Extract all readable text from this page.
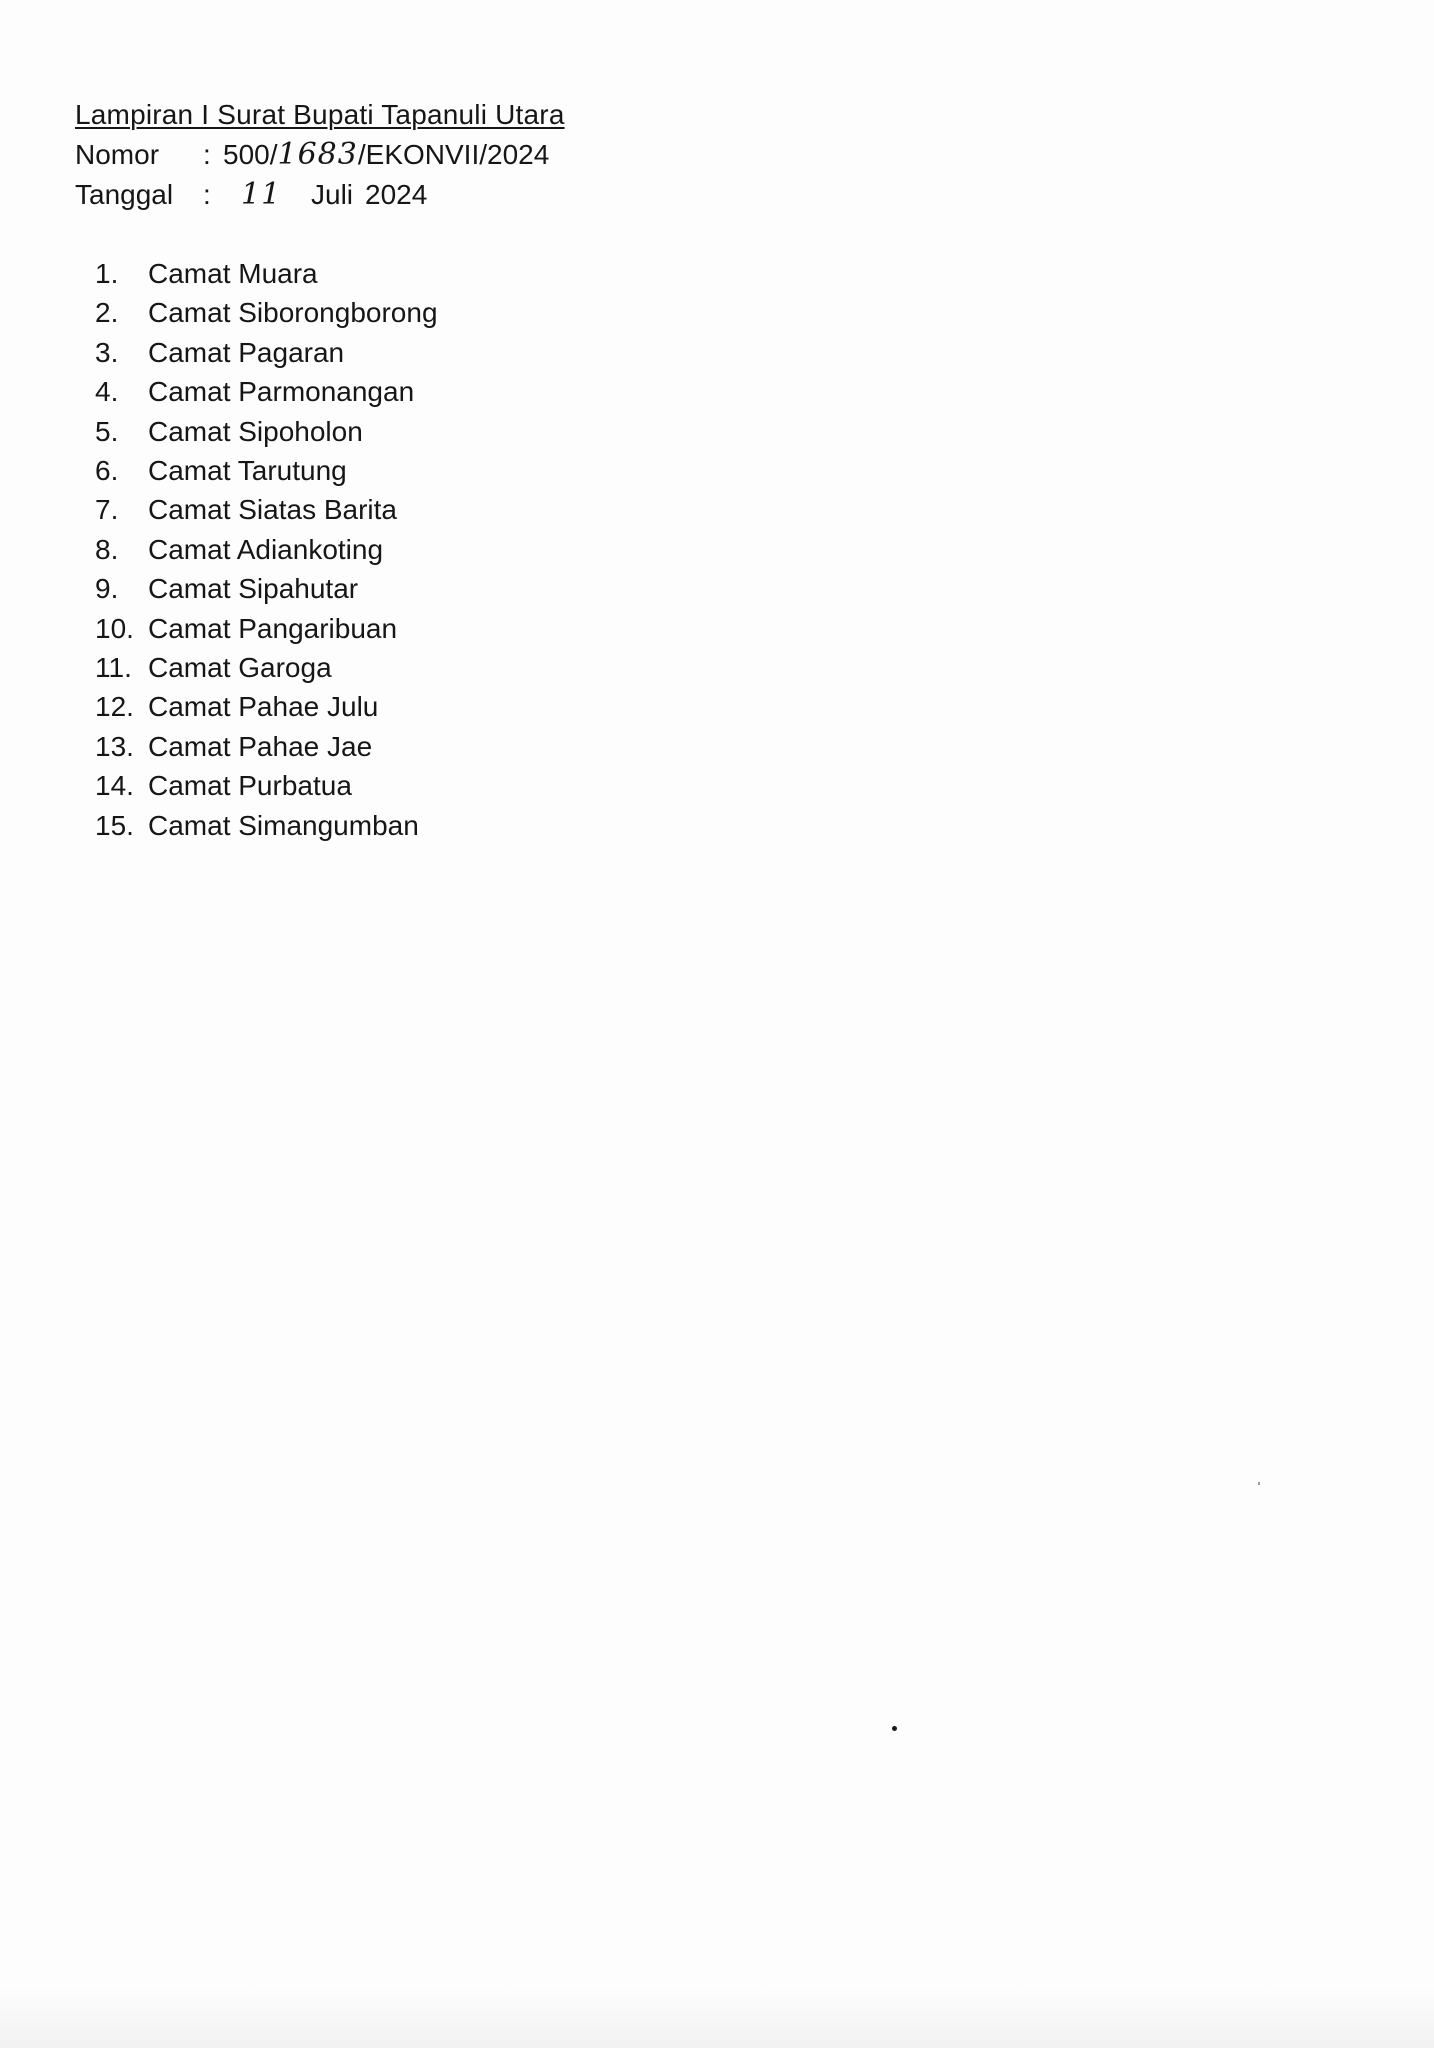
Lampiran I Surat Bupati Tapanuli Utara
Nomor	: 500/ 1683 /EKONVII/2024
Tanggal	:	11	Juli 2024
1.	Camat Muara
2.	Camat Siborongborong
3.	Camat Pagaran
4.	Camat Parmonangan
5.	Camat Sipoholon
6.	Camat Tarutung
7.	Camat Siatas Barita
8.	Camat Adiankoting
9.	Camat Sipahutar
10. Camat Pangaribuan
11. Camat Garoga
12. Camat Pahae Julu
13. Camat Pahae Jae
14. Camat Purbatua
15. Camat Simangumban
